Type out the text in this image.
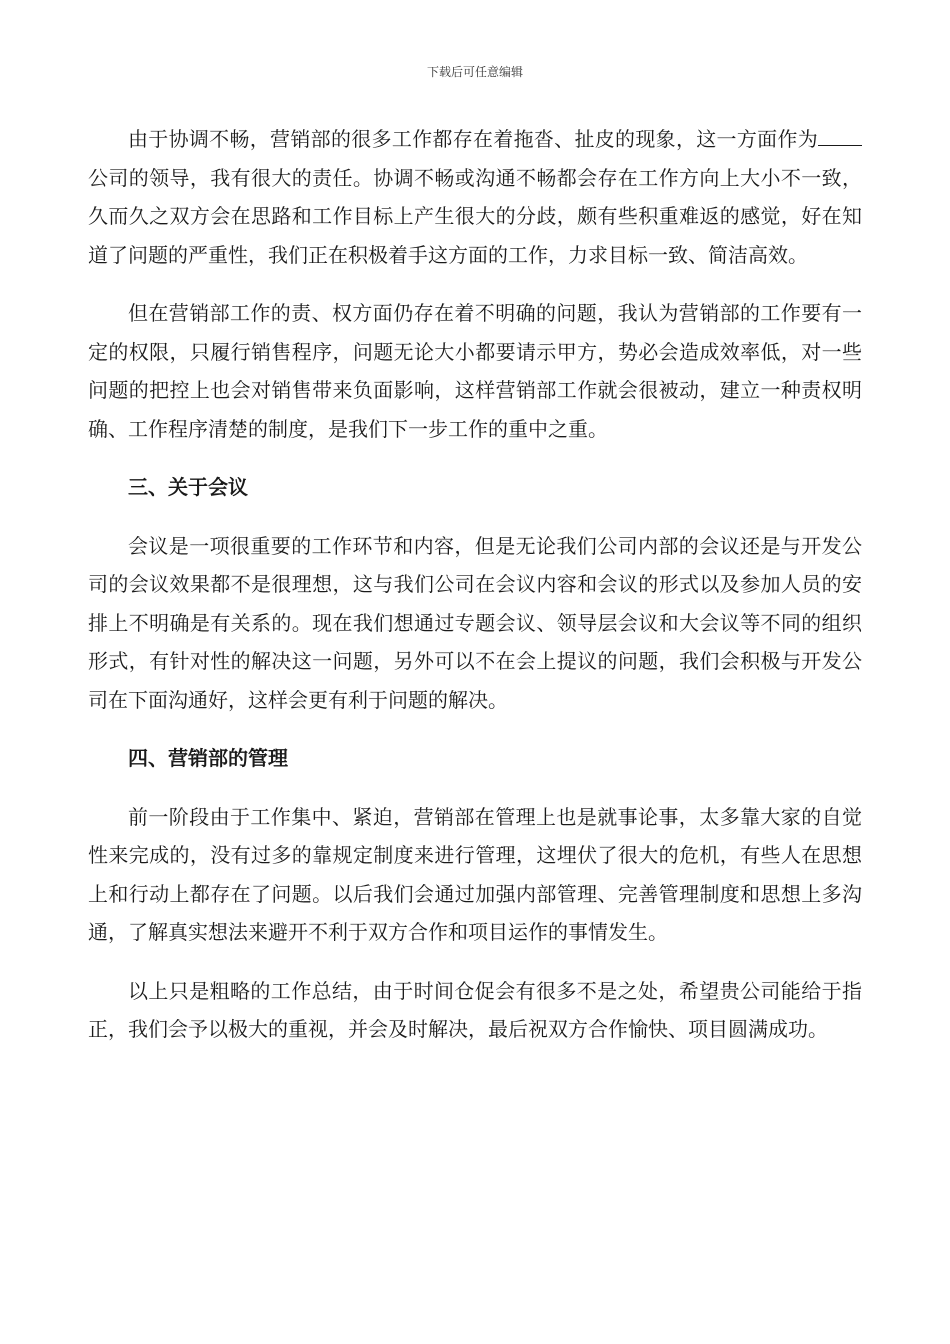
下载后可任意编辑

由于协调不畅，营销部的很多工作都存在着拖沓、扯皮的现象，这一方面作为公司的领导，我有很大的责任。协调不畅或沟通不畅都会存在工作方向上大小不一致，久而久之双方会在思路和工作目标上产生很大的分歧，颇有些积重难返的感觉，好在知道了问题的严重性，我们正在积极着手这方面的工作，力求目标一致、简洁高效。

但在营销部工作的责、权方面仍存在着不明确的问题，我认为营销部的工作要有一定的权限，只履行销售程序，问题无论大小都要请示甲方，势必会造成效率低，对一些问题的把控上也会对销售带来负面影响，这样营销部工作就会很被动，建立一种责权明确、工作程序清楚的制度，是我们下一步工作的重中之重。

三、关于会议

会议是一项很重要的工作环节和内容，但是无论我们公司内部的会议还是与开发公司的会议效果都不是很理想，这与我们公司在会议内容和会议的形式以及参加人员的安排上不明确是有关系的。现在我们想通过专题会议、领导层会议和大会议等不同的组织形式，有针对性的解决这一问题，另外可以不在会上提议的问题，我们会积极与开发公司在下面沟通好，这样会更有利于问题的解决。

四、营销部的管理

前一阶段由于工作集中、紧迫，营销部在管理上也是就事论事，太多靠大家的自觉性来完成的，没有过多的靠规定制度来进行管理，这埋伏了很大的危机，有些人在思想上和行动上都存在了问题。以后我们会通过加强内部管理、完善管理制度和思想上多沟通，了解真实想法来避开不利于双方合作和项目运作的事情发生。

以上只是粗略的工作总结，由于时间仓促会有很多不是之处，希望贵公司能给于指正，我们会予以极大的重视，并会及时解决，最后祝双方合作愉快、项目圆满成功。
